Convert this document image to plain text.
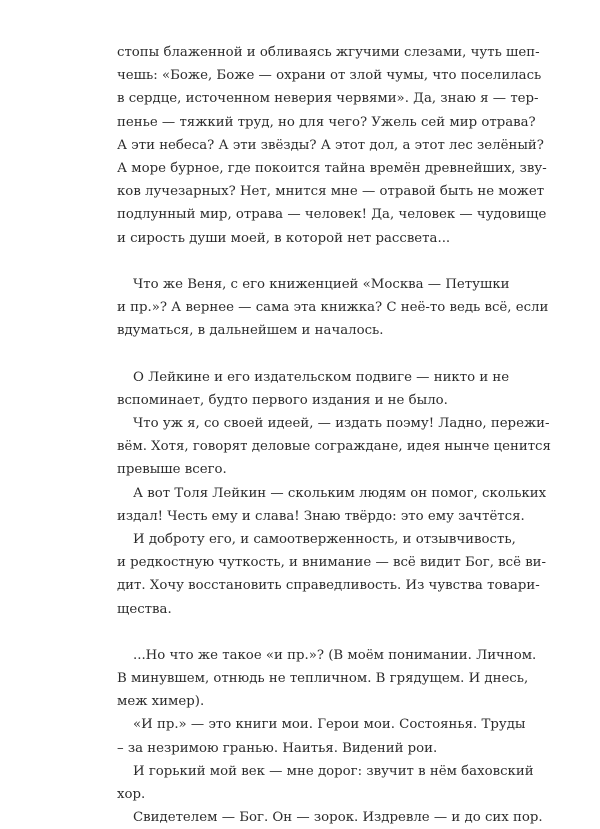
стопы блаженной и обливаясь жгучими слезами, чуть шеп-
чешь: «Боже, Боже — охрани от злой чумы, что поселилась
в сердце, источенном неверия червями». Да, знаю я — тер-
пенье — тяжкий труд, но для чего? Ужель сей мир отрава?
А эти небеса? А эти звёзды? А этот дол, а этот лес зелёный?
А море бурное, где покоится тайна времён древнейших, зву-
ков лучезарных? Нет, мнится мне — отравой быть не может
подлунный мир, отрава — человек! Да, человек — чудовище
и сирость души моей, в которой нет рассвета...
Что же Веня, с его книженцией «Москва — Петушки
и пр.»? А вернее — сама эта книжка? С неё-то ведь всё, если
вдуматься, в дальнейшем и началось.
О Лейкине и его издательском подвиге — никто и не
вспоминает, будто первого издания и не было.
Что уж я, со своей идеей, — издать поэму! Ладно, пережи-
вём. Хотя, говорят деловые сограждане, идея нынче ценится
превыше всего.
А вот Толя Лейкин — скольким людям он помог, скольких
издал! Честь ему и слава! Знаю твёрдо: это ему зачтётся.
И доброту его, и самоотверженность, и отзывчивость,
и редкостную чуткость, и внимание — всё видит Бог, всё ви-
дит. Хочу восстановить справедливость. Из чувства товари-
щества.
...Но что же такое «и пр.»? (В моём понимании. Личном.
В минувшем, отнюдь не тепличном. В грядущем. И днесь,
меж химер).
«И пр.» — это книги мои. Герои мои. Состоянья. Труды
– за незримою гранью. Наитья. Видений рои.
И горький мой век — мне дорог: звучит в нём баховский
хор.
Свидетелем — Бог. Он — зорок. Издревле — и до сих пор.
